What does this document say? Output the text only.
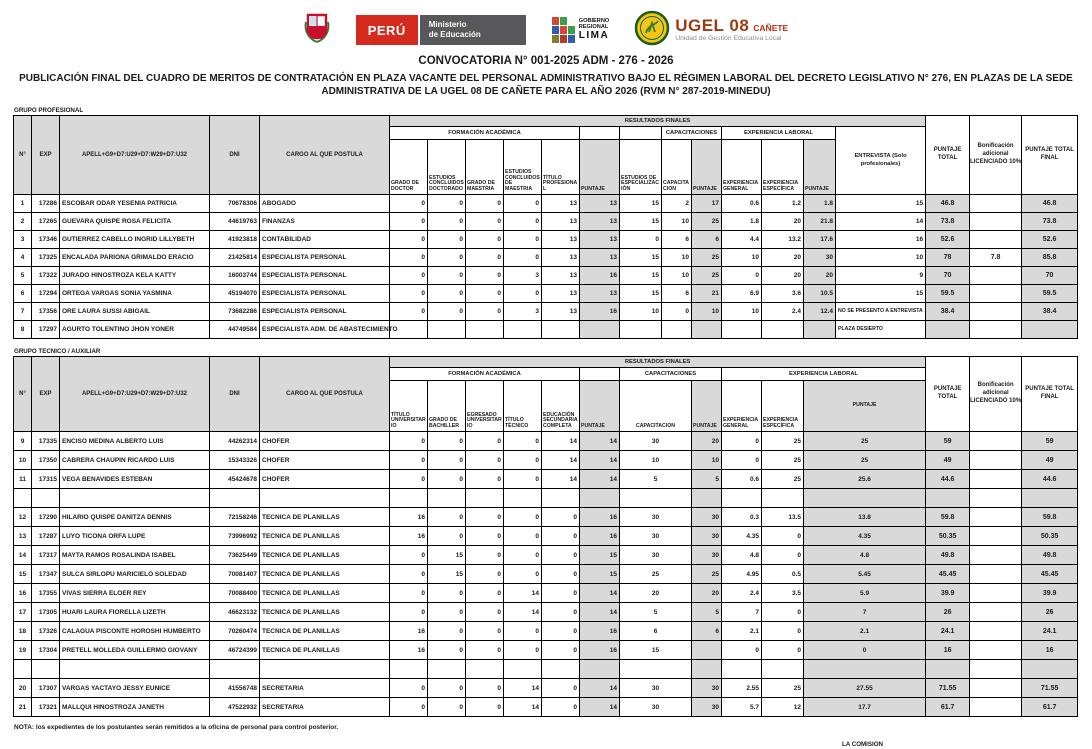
PERÚ	Ministerio
de Educación
GOBIERNO
REGIONAL
LIMA	UGEL 08 CAÑETE
Unidad de Gestión Educativa Local
CONVOCATORIA N° 001-2025 ADM - 276 - 2026
PUBLICACIÓN FINAL DEL CUADRO DE MERITOS DE CONTRATACIÓN EN PLAZA VACANTE DEL PERSONAL ADMINISTRATIVO BAJO EL RÉGIMEN LABORAL DEL DECRETO LEGISLATIVO N° 276, EN PLAZAS DE LA SEDE ADMINISTRATIVA DE LA UGEL 08 DE CAÑETE PARA EL AÑO 2026 (RVM N° 287-2019-MINEDU)
GRUPO PROFESIONAL
N°	EXP	APELL+G9+D7:U29+D7:W29+D7:U32	DNI	CARGO AL QUE POSTULA	RESULTADOS FINALES													PUNTAJE TOTAL	Bonificación adicional LICENCIADO 10%	PUNTAJE TOTAL FINAL
					FORMACIÓN ACADÉMICA							CAPACITACIONES		EXPERIENCIA LABORAL			ENTREVISTA (Solo profesionales)			
					GRADO DE DOCTOR	ESTUDIOS CONCLUIDOS DOCTORADO	GRADO DE MAESTRIA	ESTUDIOS CONCLUIDOS DE MAESTRIA	TÍTULO PROFESIONAL	PUNTAJE	ESTUDIOS DE ESPECIALIZACIÓN	CAPACITACION	PUNTAJE	EXPERIENCIA GENERAL	EXPERIENCIA ESPECÍFICA	PUNTAJE				
1	17286	ESCOBAR ODAR YESENIA PATRICIA	70678306	ABOGADO	0	0	0	0	13	13	15	2	17	0.6	1.2	1.8	15	46.8		46.8
2	17265	GUEVARA QUISPE ROSA FELICITA	44619763	FINANZAS	0	0	0	0	13	13	15	10	25	1.8	20	21.8	14	73.8		73.8
3	17346	GUTIERREZ CABELLO INGRID LILLYBETH	41923818	CONTABILIDAD	0	0	0	0	13	13	0	6	6	4.4	13.2	17.6	16	52.6		52.6
4	17325	ENCALADA PARIONA GRIMALDO ERACIO	21425814	ESPECIALISTA PERSONAL	0	0	0	0	13	13	15	10	25	10	20	30	10	78	7.8	85.8
5	17322	JURADO HINOSTROZA KELA KATTY	16003744	ESPECIALISTA PERSONAL	0	0	0	3	13	16	15	10	25	0	20	20	9	70		70
6	17294	ORTEGA VARGAS SONIA YASMINA	45194070	ESPECIALISTA PERSONAL	0	0	0	0	13	13	15	6	21	6.9	3.6	10.5	15	59.5		59.5
7	17356	ORE LAURA SUSSI ABIGAIL	73682286	ESPECIALISTA PERSONAL	0	0	0	3	13	16	10	0	10	10	2.4	12.4	NO SE PRESENTO A ENTREVISTA	38.4		38.4
8	17297	AGURTO TOLENTINO JHON YONER	44749584	ESPECIALISTA ADM. DE ABASTECIMIENTO													PLAZA DESIERTO			
GRUPO TECNICO / AUXILIAR
N°	EXP	APELL+G9+D7:U29+D7:W29+D7:U32	DNI	CARGO AL QUE POSTULA	RESULTADOS FINALES											PUNTAJE TOTAL	Bonificación adicional LICENCIADO 10%	PUNTAJE TOTAL FINAL
					FORMACIÓN ACADÉMICA						CAPACITACIONES		EXPERIENCIA LABORAL					
					TÍTULO UNIVERSITARIO	GRADO DE BACHILLER	EGRESADO UNIVERSITARIO	TÍTULO TÉCNICO	EDUCACIÓN SECUNDARIA COMPLETA	PUNTAJE	CAPACITACION	PUNTAJE	EXPERIENCIA GENERAL	EXPERIENCIA ESPECÍFICA	PUNTAJE			
9	17335	ENCISO MEDINA ALBERTO LUIS	44262314	CHOFER	0	0	0	0	14	14	30	20	0	25	25	59		59
10	17350	CABRERA CHAUPIN RICARDO LUIS	15343326	CHOFER	0	0	0	0	14	14	10	10	0	25	25	49		49
11	17315	VEGA BENAVIDES ESTEBAN	45424678	CHOFER	0	0	0	0	14	14	5	5	0.6	25	25.6	44.6		44.6

12	17290	HILARIO QUISPE DANITZA DENNIS	72158246	TECNICA DE PLANILLAS	16	0	0	0	0	16	30	30	0.3	13.5	13.8	59.8		59.8
13	17287	LUYO TICONA ORFA LUPE	73996992	TECNICA DE PLANILLAS	16	0	0	0	0	16	30	30	4.35	0	4.35	50.35		50.35
14	17317	MAYTA RAMOS ROSALINDA ISABEL	73625449	TECNICA DE PLANILLAS	0	15	0	0	0	15	30	30	4.8	0	4.8	49.8		49.8
15	17347	SULCA SIRLOPU MARICIELO SOLEDAD	70081407	TECNICA DE PLANILLAS	0	15	0	0	0	15	25	25	4.95	0.5	5.45	45.45		45.45
16	17355	VIVAS SIERRA ELOER REY	70088400	TECNICA DE PLANILLAS	0	0	0	14	0	14	20	20	2.4	3.5	5.9	39.9		39.9
17	17305	HUARI LAURA FIORELLA LIZETH	46623132	TECNICA DE PLANILLAS	0	0	0	14	0	14	5	5	7	0	7	26		26
18	17326	CALAGUA PISCONTE HOROSHI HUMBERTO	70260474	TECNICA DE PLANILLAS	16	0	0	0	0	16	6	6	2.1	0	2.1	24.1		24.1
19	17304	PRETELL MOLLEDA GUILLERMO GIOVANY	46724399	TECNICA DE PLANILLAS	16	0	0	0	0	16	15		0	0	0	16		16

20	17307	VARGAS YACTAYO JESSY EUNICE	41556748	SECRETARIA	0	0	0	14	0	14	30	30	2.55	25	27.55	71.55		71.55
21	17321	MALLQUI HINOSTROZA JANETH	47522932	SECRETARIA	0	0	0	14	0	14	30	30	5.7	12	17.7	61.7		61.7
NOTA: los expedientes de los postulantes serán remitidos a la oficina de personal para control posterior.
LA COMISION
